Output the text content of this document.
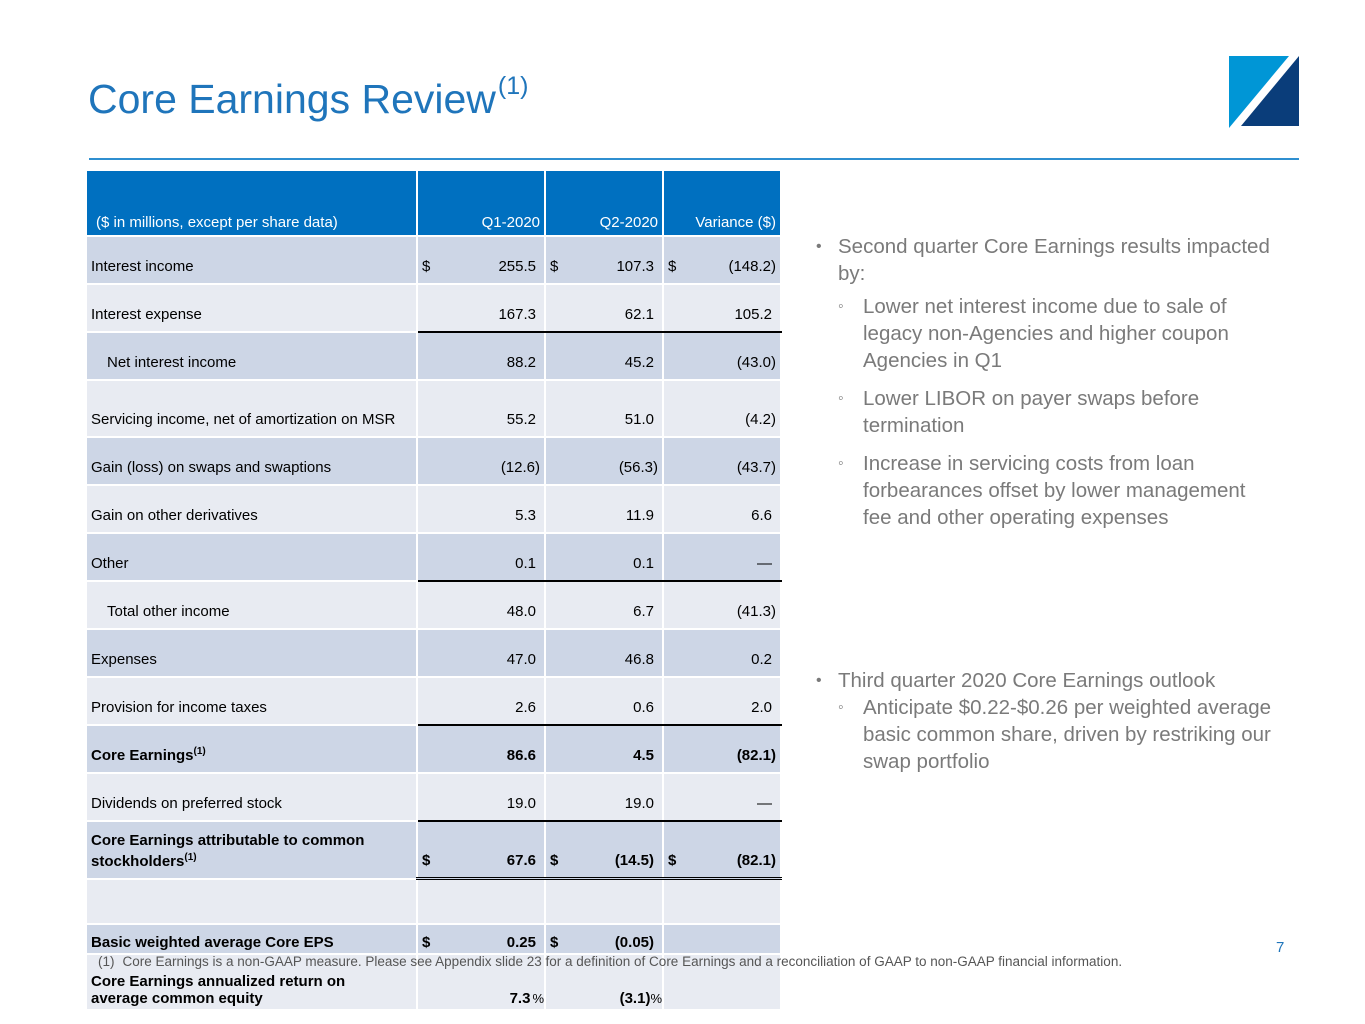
Core Earnings Review$^{(1)}$
($ in millions, except per share data)	Q1-2020	Q2-2020	Variance ($)
Interest income	$ 255.5	$ 107.3	$ (148.2)

Interest expense	167.3	62.1	105.2

Net interest income	88.2	45.2	(43.0)

Servicing income, net of amortization on MSR	55.2	51.0	(4.2)

Gain (loss) on swaps and swaptions	(12.6)	(56.3)	(43.7)

Gain on other derivatives	5.3	11.9	6.6

Other	0.1	0.1	—

Total other income	48.0	6.7	(41.3)

Expenses	47.0	46.8	0.2

Provision for income taxes	2.6	0.6	2.0

Core Earnings$^{(1)}$	86.6	4.5	(82.1)

Dividends on preferred stock	19.0	19.0	—

Core Earnings attributable to common
stockholders$^{(1)}$	$ 67.6	$ (14.5)	$ (82.1)

Basic weighted average Core EPS	$ 0.25	$ (0.05)	

Core Earnings annualized return on
average common equity	7.3 %	(3.1)%	
• Second quarter Core Earnings results impacted by:
◦ Lower net interest income due to sale of legacy non-Agencies and higher coupon Agencies in Q1
◦ Lower LIBOR on payer swaps before termination
◦ Increase in servicing costs from loan forbearances offset by lower management fee and other operating expenses
• Third quarter 2020 Core Earnings outlook
◦ Anticipate $0.22-$0.26 per weighted average basic common share, driven by restriking our swap portfolio
7
(1) Core Earnings is a non-GAAP measure. Please see Appendix slide 23 for a definition of Core Earnings and a reconciliation of GAAP to non-GAAP financial information.
